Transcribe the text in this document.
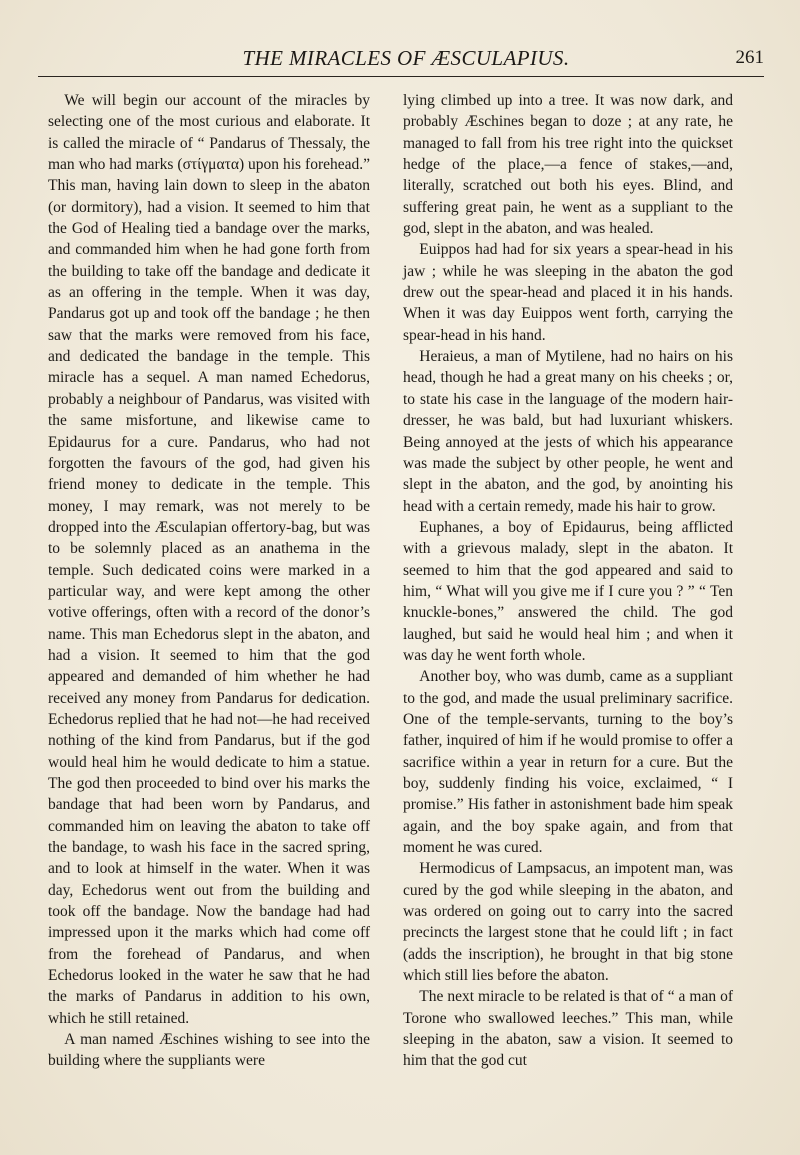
THE MIRACLES OF ÆSCULAPIUS.	261

We will begin our account of the miracles by selecting one of the most curious and elaborate. It is called the miracle of “ Pandarus of Thessaly, the man who had marks (στίγματα) upon his forehead.” This man, having lain down to sleep in the abaton (or dormitory), had a vision. It seemed to him that the God of Healing tied a bandage over the marks, and commanded him when he had gone forth from the building to take off the bandage and dedicate it as an offering in the temple. When it was day, Pandarus got up and took off the bandage ; he then saw that the marks were removed from his face, and dedicated the bandage in the temple. This miracle has a sequel. A man named Echedorus, probably a neighbour of Pandarus, was visited with the same misfortune, and likewise came to Epidaurus for a cure. Pandarus, who had not forgotten the favours of the god, had given his friend money to dedicate in the temple. This money, I may remark, was not merely to be dropped into the Æsculapian offertory-bag, but was to be solemnly placed as an anathema in the temple. Such dedicated coins were marked in a particular way, and were kept among the other votive offerings, often with a record of the donor’s name. This man Echedorus slept in the abaton, and had a vision. It seemed to him that the god appeared and demanded of him whether he had received any money from Pandarus for dedication. Echedorus replied that he had not—he had received nothing of the kind from Pandarus, but if the god would heal him he would dedicate to him a statue. The god then proceeded to bind over his marks the bandage that had been worn by Pandarus, and commanded him on leaving the abaton to take off the bandage, to wash his face in the sacred spring, and to look at himself in the water. When it was day, Echedorus went out from the building and took off the bandage. Now the bandage had had impressed upon it the marks which had come off from the forehead of Pandarus, and when Echedorus looked in the water he saw that he had the marks of Pandarus in addition to his own, which he still retained.

A man named Æschines wishing to see into the building where the suppliants were

lying climbed up into a tree. It was now dark, and probably Æschines began to doze ; at any rate, he managed to fall from his tree right into the quickset hedge of the place,—a fence of stakes,—and, literally, scratched out both his eyes. Blind, and suffering great pain, he went as a suppliant to the god, slept in the abaton, and was healed.

Euippos had had for six years a spear-head in his jaw ; while he was sleeping in the abaton the god drew out the spear-head and placed it in his hands. When it was day Euippos went forth, carrying the spear-head in his hand.

Heraieus, a man of Mytilene, had no hairs on his head, though he had a great many on his cheeks ; or, to state his case in the language of the modern hair-dresser, he was bald, but had luxuriant whiskers. Being annoyed at the jests of which his appearance was made the subject by other people, he went and slept in the abaton, and the god, by anointing his head with a certain remedy, made his hair to grow.

Euphanes, a boy of Epidaurus, being afflicted with a grievous malady, slept in the abaton. It seemed to him that the god appeared and said to him, “ What will you give me if I cure you ? ” “ Ten knuckle-bones,” answered the child. The god laughed, but said he would heal him ; and when it was day he went forth whole.

Another boy, who was dumb, came as a suppliant to the god, and made the usual preliminary sacrifice. One of the temple-servants, turning to the boy’s father, inquired of him if he would promise to offer a sacrifice within a year in return for a cure. But the boy, suddenly finding his voice, exclaimed, “ I promise.” His father in astonishment bade him speak again, and the boy spake again, and from that moment he was cured.

Hermodicus of Lampsacus, an impotent man, was cured by the god while sleeping in the abaton, and was ordered on going out to carry into the sacred precincts the largest stone that he could lift ; in fact (adds the inscription), he brought in that big stone which still lies before the abaton.

The next miracle to be related is that of “ a man of Torone who swallowed leeches.” This man, while sleeping in the abaton, saw a vision. It seemed to him that the god cut
